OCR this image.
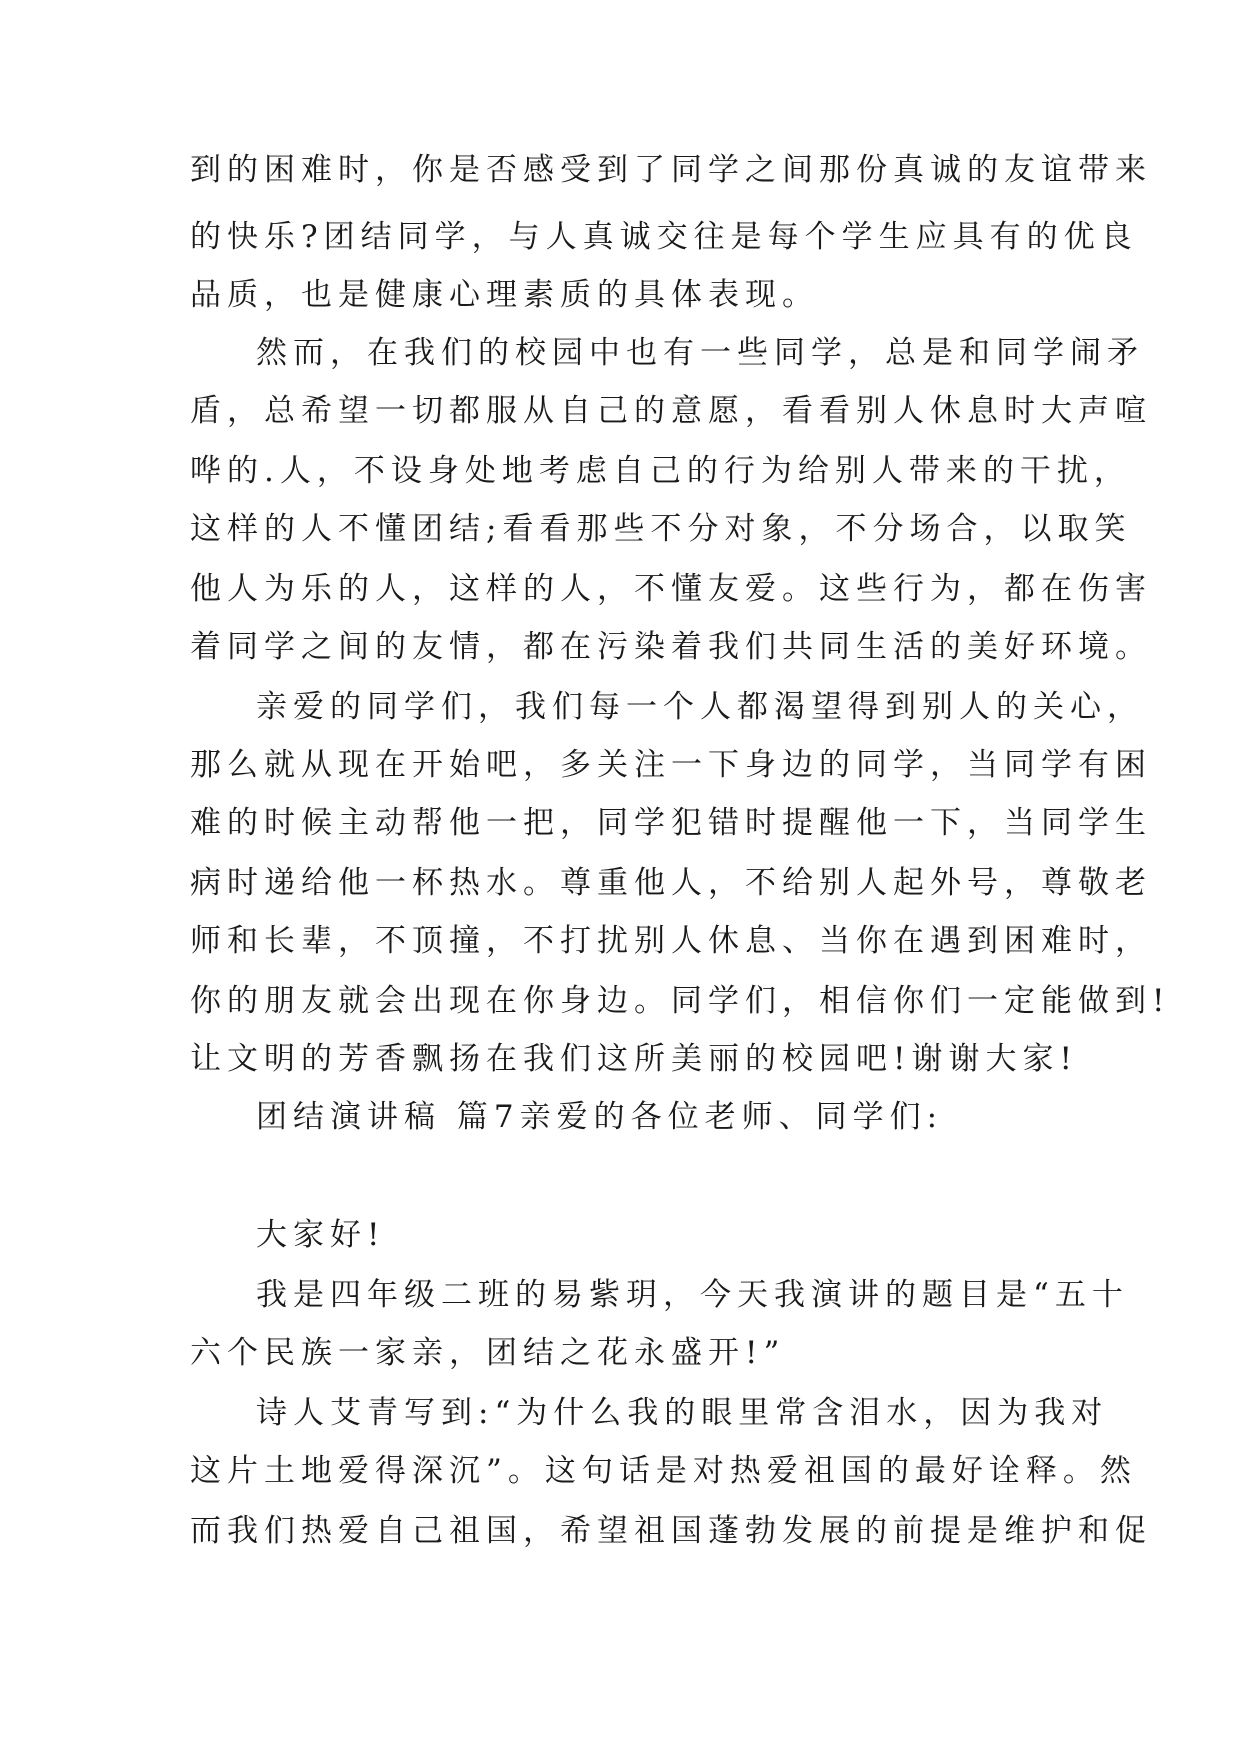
到的困难时，你是否感受到了同学之间那份真诚的友谊带来
的快乐?团结同学，与人真诚交往是每个学生应具有的优良
品质，也是健康心理素质的具体表现。
然而，在我们的校园中也有一些同学，总是和同学闹矛
盾，总希望一切都服从自己的意愿，看看别人休息时大声喧
哗的.人，不设身处地考虑自己的行为给别人带来的干扰，
这样的人不懂团结;看看那些不分对象，不分场合，以取笑
他人为乐的人，这样的人，不懂友爱。这些行为，都在伤害
着同学之间的友情，都在污染着我们共同生活的美好环境。
亲爱的同学们，我们每一个人都渴望得到别人的关心，
那么就从现在开始吧，多关注一下身边的同学，当同学有困
难的时候主动帮他一把，同学犯错时提醒他一下，当同学生
病时递给他一杯热水。尊重他人，不给别人起外号，尊敬老
师和长辈，不顶撞，不打扰别人休息、当你在遇到困难时，
你的朋友就会出现在你身边。同学们，相信你们一定能做到!
让文明的芳香飘扬在我们这所美丽的校园吧!谢谢大家!
团结演讲稿 篇7亲爱的各位老师、同学们:
大家好!
我是四年级二班的易紫玥，今天我演讲的题目是“五十
六个民族一家亲，团结之花永盛开!”
诗人艾青写到:“为什么我的眼里常含泪水，因为我对
这片土地爱得深沉”。这句话是对热爱祖国的最好诠释。然
而我们热爱自己祖国，希望祖国蓬勃发展的前提是维护和促
